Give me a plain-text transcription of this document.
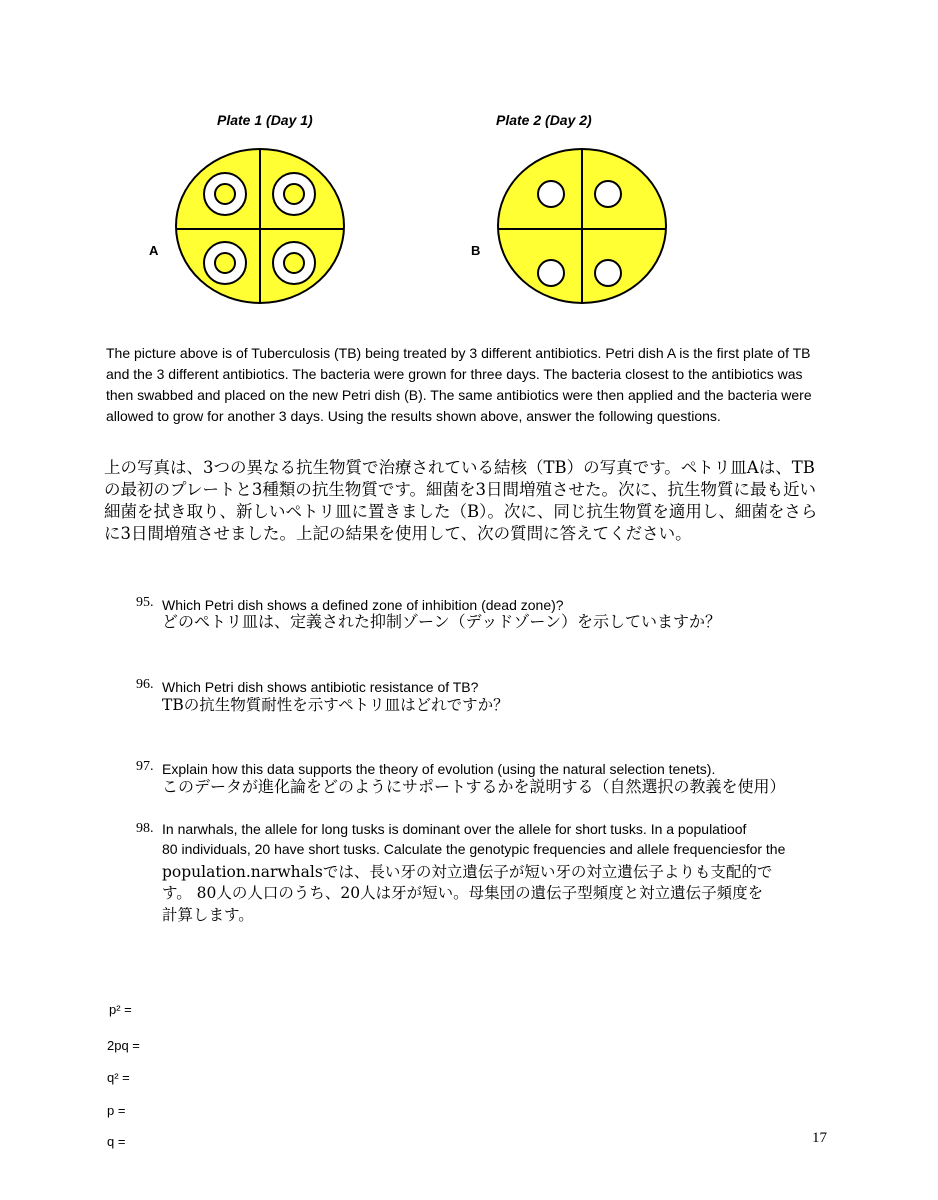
Plate 1 (Day 1)	Plate 2 (Day 2)
A	B
The picture above is of Tuberculosis (TB) being treated by 3 different antibiotics. Petri dish A is the first plate of TB and the 3 different antibiotics. The bacteria were grown for three days. The bacteria closest to the antibiotics was then swabbed and placed on the new Petri dish (B). The same antibiotics were then applied and the bacteria were allowed to grow for another 3 days. Using the results shown above, answer the following questions.
上の写真は、3つの異なる抗生物質で治療されている結核（TB）の写真です。ペトリ皿Aは、TBの最初のプレートと3種類の抗生物質です。細菌を3日間増殖させた。次に、抗生物質に最も近い細菌を拭き取り、新しいペトリ皿に置きました（B）。次に、同じ抗生物質を適用し、細菌をさらに3日間増殖させました。上記の結果を使用して、次の質問に答えてください。
95. Which Petri dish shows a defined zone of inhibition (dead zone)?
どのペトリ皿は、定義された抑制ゾーン（デッドゾーン）を示していますか？
96. Which Petri dish shows antibiotic resistance of TB?
TBの抗生物質耐性を示すペトリ皿はどれですか？
97. Explain how this data supports the theory of evolution (using the natural selection tenets).
このデータが進化論をどのようにサポートするかを説明する（自然選択の教義を使用）
98. In narwhals, the allele for long tusks is dominant over the allele for short tusks. In a populatioof
80 individuals, 20 have short tusks. Calculate the genotypic frequencies and allele frequenciesfor the
population.narwhalsでは、長い牙の対立遺伝子が短い牙の対立遺伝子よりも支配的で
す。 80人の人口のうち、20人は牙が短い。母集団の遺伝子型頻度と対立遺伝子頻度を
計算します。
p² =
2pq =
q² =
p =
q =	17
